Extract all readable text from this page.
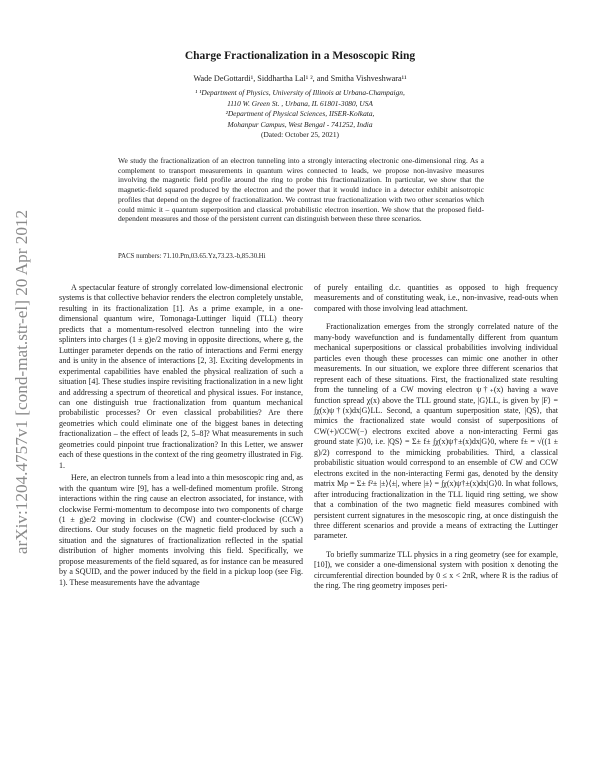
arXiv:1204.4757v1 [cond-mat.str-el] 20 Apr 2012
Charge Fractionalization in a Mesoscopic Ring
Wade DeGottardi¹, Siddhartha Lal¹ ², and Smitha Vishveshwara¹¹
¹ ¹Department of Physics, University of Illinois at Urbana-Champaign,
1110 W. Green St. , Urbana, IL 61801-3080, USA
²Department of Physical Sciences, IISER-Kolkata,
Mohanpur Campus, West Bengal - 741252, India
(Dated: October 25, 2021)
We study the fractionalization of an electron tunneling into a strongly interacting electronic one-dimensional ring. As a complement to transport measurements in quantum wires connected to leads, we propose non-invasive measures involving the magnetic field profile around the ring to probe this fractionalization. In particular, we show that the magnetic-field squared produced by the electron and the power that it would induce in a detector exhibit anisotropic profiles that depend on the degree of fractionalization. We contrast true fractionalization with two other scenarios which could mimic it – quantum superposition and classical probabilistic electron insertion. We show that the proposed field-dependent measures and those of the persistent current can distinguish between these three scenarios.
PACS numbers: 71.10.Pm,03.65.Yz,73.23.-b,85.30.Hi

A spectacular feature of strongly correlated low-dimensional electronic systems is that collective behavior renders the electron completely unstable, resulting in its fractionalization [1]. As a prime example, in a one-dimensional quantum wire, Tomonaga-Luttinger liquid (TLL) theory predicts that a momentum-resolved electron tunneling into the wire splinters into charges (1 ± g)e/2 moving in opposite directions, where g, the Luttinger parameter depends on the ratio of interactions and Fermi energy and is unity in the absence of interactions [2, 3]. Exciting developments in experimental capabilities have enabled the physical realization of such a situation [4]. These studies inspire revisiting fractionalization in a new light and addressing a spectrum of theoretical and physical issues. For instance, can one distinguish true fractionalization from quantum mechanical probabilistic processes? Or even classical probabilities? Are there geometries which could eliminate one of the biggest banes in detecting fractionalization – the effect of leads [2, 5–8]? What measurements in such geometries could pinpoint true fractionalization? In this Letter, we answer each of these questions in the context of the ring geometry illustrated in Fig. 1.

Here, an electron tunnels from a lead into a thin mesoscopic ring and, as with the quantum wire [9], has a well-defined momentum profile. Strong interactions within the ring cause an electron associated, for instance, with clockwise Fermi-momentum to decompose into two components of charge (1 ± g)e/2 moving in clockwise (CW) and counter-clockwise (CCW) directions. Our study focuses on the magnetic field produced by such a situation and the signatures of fractionalization reflected in the spatial distribution of higher moments involving this field. Specifically, we propose measurements of the field squared, as for instance can be measured by a SQUID, and the power induced by the field in a pickup loop (see Fig. 1). These measurements have the advantage

of purely entailing d.c. quantities as opposed to high frequency measurements and of constituting weak, i.e., non-invasive, read-outs when compared with those involving lead attachment.

Fractionalization emerges from the strongly correlated nature of the many-body wavefunction and is fundamentally different from quantum mechanical superpositions or classical probabilities involving individual particles even though these processes can mimic one another in other measurements. In our situation, we explore three different scenarios that represent each of these situations. First, the fractionalized state resulting from the tunneling of a CW moving electron ψ†₊(x) having a wave function spread χ(x) above the TLL ground state, |G⟩LL, is given by |F⟩ = ∫χ(x)ψ†(x)dx|G⟩LL. Second, a quantum superposition state, |QS⟩, that mimics the fractionalized state would consist of superpositions of CW(+)/CCW(−) electrons excited above a non-interacting Fermi gas ground state |G⟩0, i.e. |QS⟩ = Σ± f± ∫χ(x)ψ†±(x)dx|G⟩0, where f± = √((1 ± g)/2) correspond to the mimicking probabilities. Third, a classical probabilistic situation would correspond to an ensemble of CW and CCW electrons excited in the non-interacting Fermi gas, denoted by the density matrix Mρ = Σ± f²± |±⟩⟨±|, where |±⟩ = ∫χ(x)ψ†±(x)dx|G⟩0. In what follows, after introducing fractionalization in the TLL liquid ring setting, we show that a combination of the two magnetic field measures combined with persistent current signatures in the mesoscopic ring, at once distinguish the three different scenarios and provide a means of extracting the Luttinger parameter.

To briefly summarize TLL physics in a ring geometry (see for example, [10]), we consider a one-dimensional system with position x denoting the circumferential direction bounded by 0 ≤ x < 2πR, where R is the radius of the ring. The ring geometry imposes peri-
